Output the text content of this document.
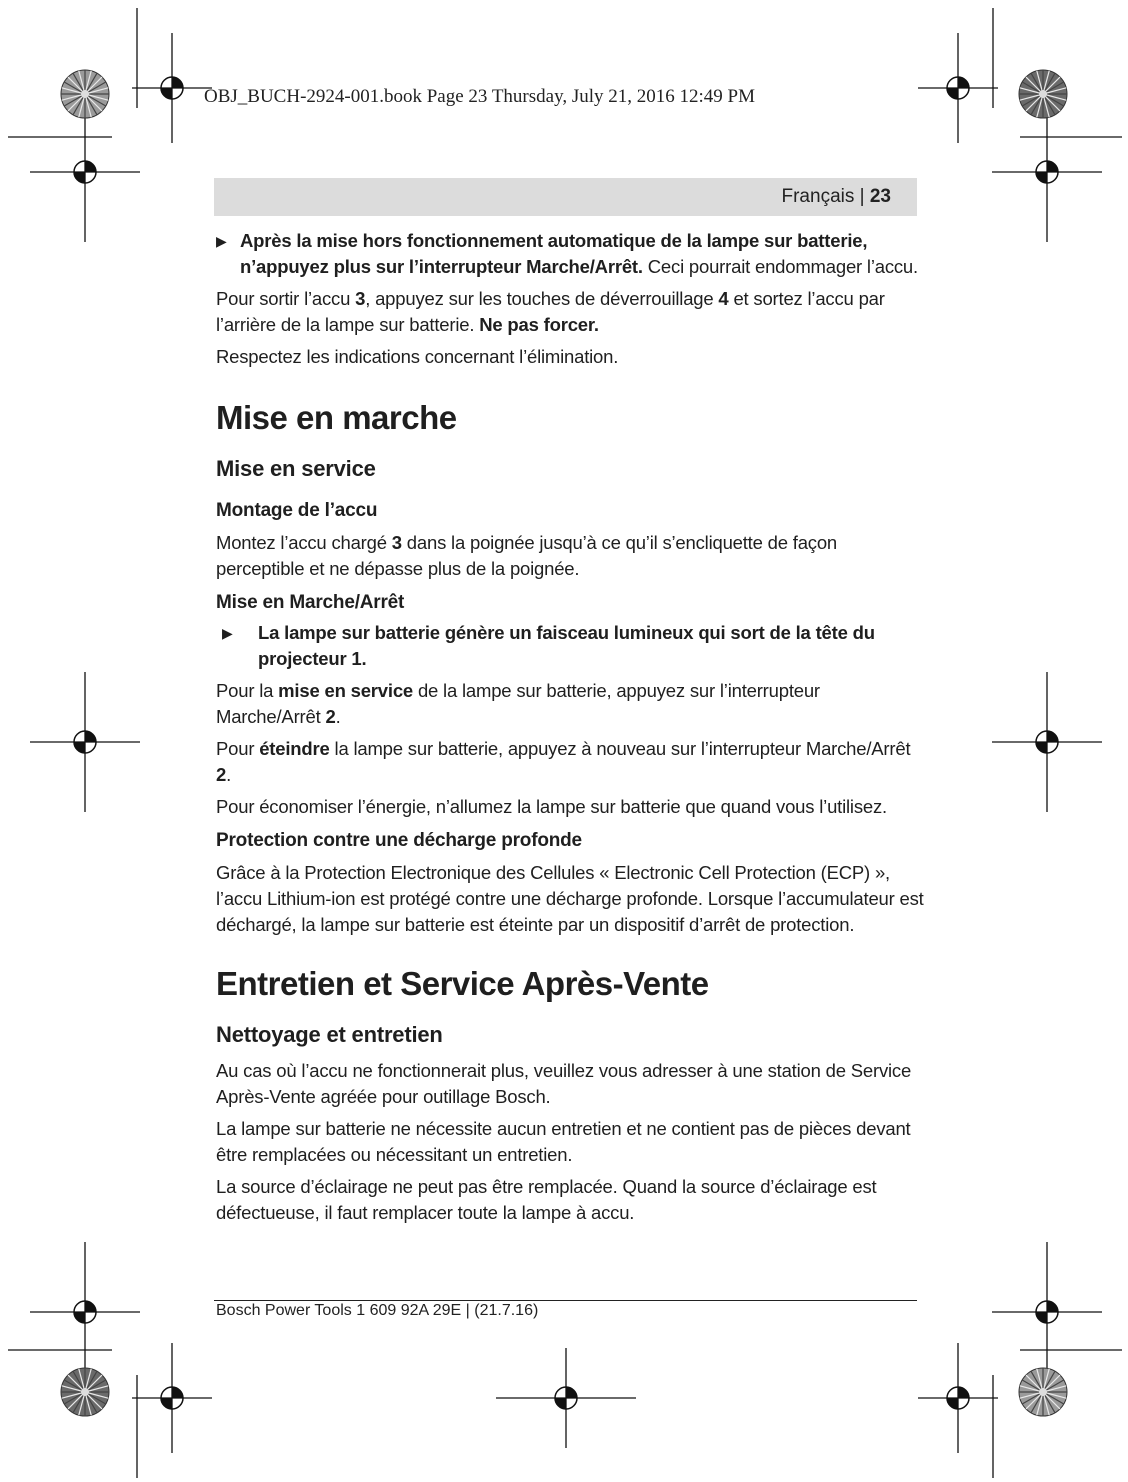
OBJ_BUCH-2924-001.book Page 23 Thursday, July 21, 2016 12:49 PM
Français | 23
▶ Après la mise hors fonctionnement automatique de la lampe sur batterie, n’appuyez plus sur l’interrupteur Marche/Arrêt. Ceci pourrait endommager l’accu.

Pour sortir l’accu 3, appuyez sur les touches de déverrouillage 4 et sortez l’accu par l’arrière de la lampe sur batterie. Ne pas forcer.

Respectez les indications concernant l’élimination.

Mise en marche
Mise en service
Montage de l’accu

Montez l’accu chargé 3 dans la poignée jusqu’à ce qu’il s’encliquette de façon perceptible et ne dépasse plus de la poignée.

Mise en Marche/Arrêt
▶	La lampe sur batterie génère un faisceau lumineux qui sort de la tête du projecteur 1.

Pour la mise en service de la lampe sur batterie, appuyez sur l’interrupteur Marche/Arrêt 2.

Pour éteindre la lampe sur batterie, appuyez à nouveau sur l’interrupteur Marche/Arrêt 2.

Pour économiser l’énergie, n’allumez la lampe sur batterie que quand vous l’utilisez.

Protection contre une décharge profonde

Grâce à la Protection Electronique des Cellules « Electronic Cell Protection (ECP) », l’accu Lithium-ion est protégé contre une décharge profonde. Lorsque l’accumulateur est déchargé, la lampe sur batterie est éteinte par un dispositif d’arrêt de protection.

Entretien et Service Après-Vente
Nettoyage et entretien

Au cas où l’accu ne fonctionnerait plus, veuillez vous adresser à une station de Service Après-Vente agréée pour outillage Bosch.

La lampe sur batterie ne nécessite aucun entretien et ne contient pas de pièces devant être remplacées ou nécessitant un entretien.

La source d’éclairage ne peut pas être remplacée. Quand la source d’éclairage est défectueuse, il faut remplacer toute la lampe à accu.

Bosch Power Tools 1 609 92A 29E | (21.7.16)
